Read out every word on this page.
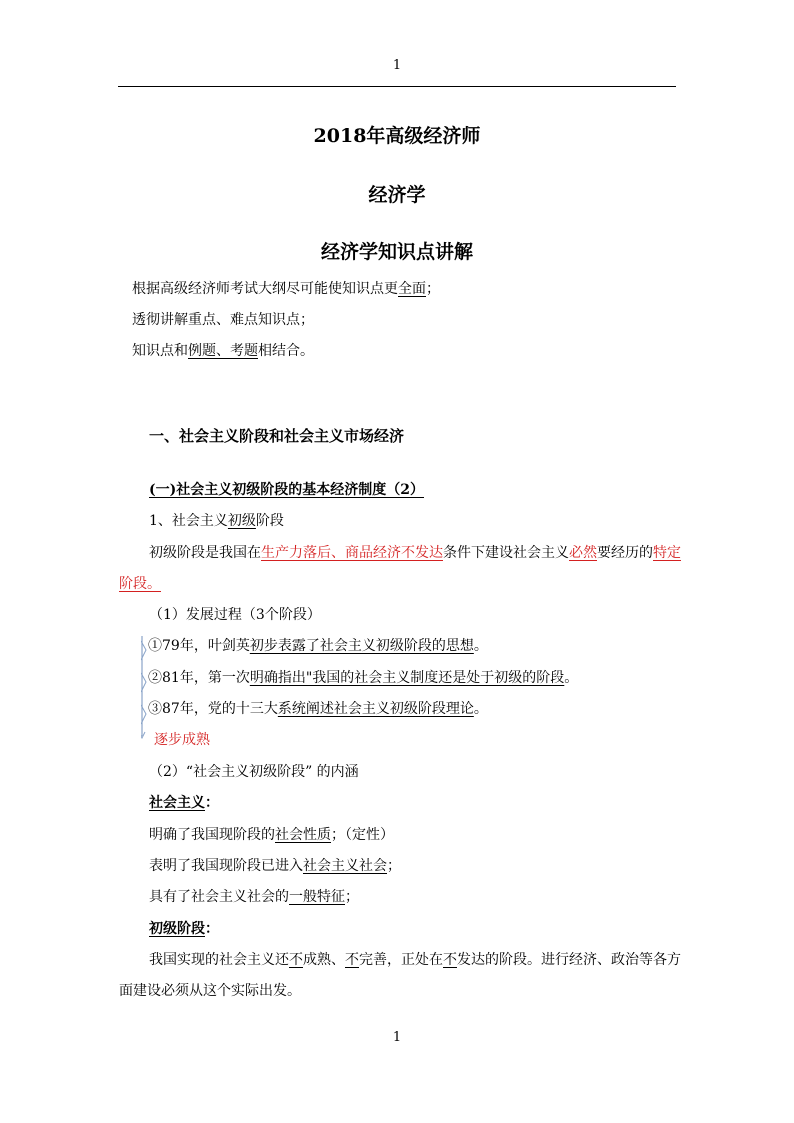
1
2018年高级经济师
经济学
经济学知识点讲解
根据高级经济师考试大纲尽可能使知识点更全面；
透彻讲解重点、难点知识点；
知识点和例题、考题相结合。
一、社会主义阶段和社会主义市场经济
(一)社会主义初级阶段的基本经济制度（2）
1、社会主义初级阶段
初级阶段是我国在生产力落后、商品经济不发达条件下建设社会主义必然要经历的特定
阶段。
（1）发展过程（3个阶段）
①79年，叶剑英初步表露了社会主义初级阶段的思想。
②81年，第一次明确指出"我国的社会主义制度还是处于初级的阶段。
③87年，党的十三大系统阐述社会主义初级阶段理论。
逐步成熟
（2）“社会主义初级阶段” 的内涵
社会主义：
明确了我国现阶段的社会性质；（定性）
表明了我国现阶段已进入社会主义社会；
具有了社会主义社会的一般特征；
初级阶段：
我国实现的社会主义还不成熟、不完善，正处在不发达的阶段。进行经济、政治等各方
面建设必须从这个实际出发。
1
